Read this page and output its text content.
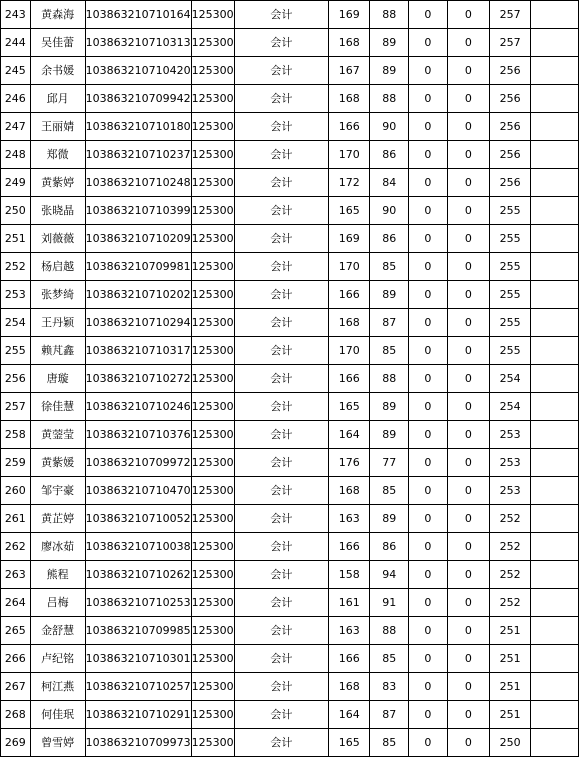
243	黄森海	103863210710164	125300	会计	169	88	0	0	257	
244	吴佳蕾	103863210710313	125300	会计	168	89	0	0	257	
245	余书媛	103863210710420	125300	会计	167	89	0	0	256	
246	邱月	103863210709942	125300	会计	168	88	0	0	256	
247	王丽婧	103863210710180	125300	会计	166	90	0	0	256	
248	郑微	103863210710237	125300	会计	170	86	0	0	256	
249	黄紫婷	103863210710248	125300	会计	172	84	0	0	256	
250	张晓晶	103863210710399	125300	会计	165	90	0	0	255	
251	刘薇薇	103863210710209	125300	会计	169	86	0	0	255	
252	杨启越	103863210709981	125300	会计	170	85	0	0	255	
253	张梦绮	103863210710202	125300	会计	166	89	0	0	255	
254	王丹颖	103863210710294	125300	会计	168	87	0	0	255	
255	赖芃鑫	103863210710317	125300	会计	170	85	0	0	255	
256	唐璇	103863210710272	125300	会计	166	88	0	0	254	
257	徐佳慧	103863210710246	125300	会计	165	89	0	0	254	
258	黄蓥莹	103863210710376	125300	会计	164	89	0	0	253	
259	黄紫媛	103863210709972	125300	会计	176	77	0	0	253	
260	邹宇豪	103863210710470	125300	会计	168	85	0	0	253	
261	黄芷婷	103863210710052	125300	会计	163	89	0	0	252	
262	廖冰茹	103863210710038	125300	会计	166	86	0	0	252	
263	熊程	103863210710262	125300	会计	158	94	0	0	252	
264	吕梅	103863210710253	125300	会计	161	91	0	0	252	
265	金舒慧	103863210709985	125300	会计	163	88	0	0	251	
266	卢纪铭	103863210710301	125300	会计	166	85	0	0	251	
267	柯江燕	103863210710257	125300	会计	168	83	0	0	251	
268	何佳珉	103863210710291	125300	会计	164	87	0	0	251	
269	曾雪婷	103863210709973	125300	会计	165	85	0	0	250	
